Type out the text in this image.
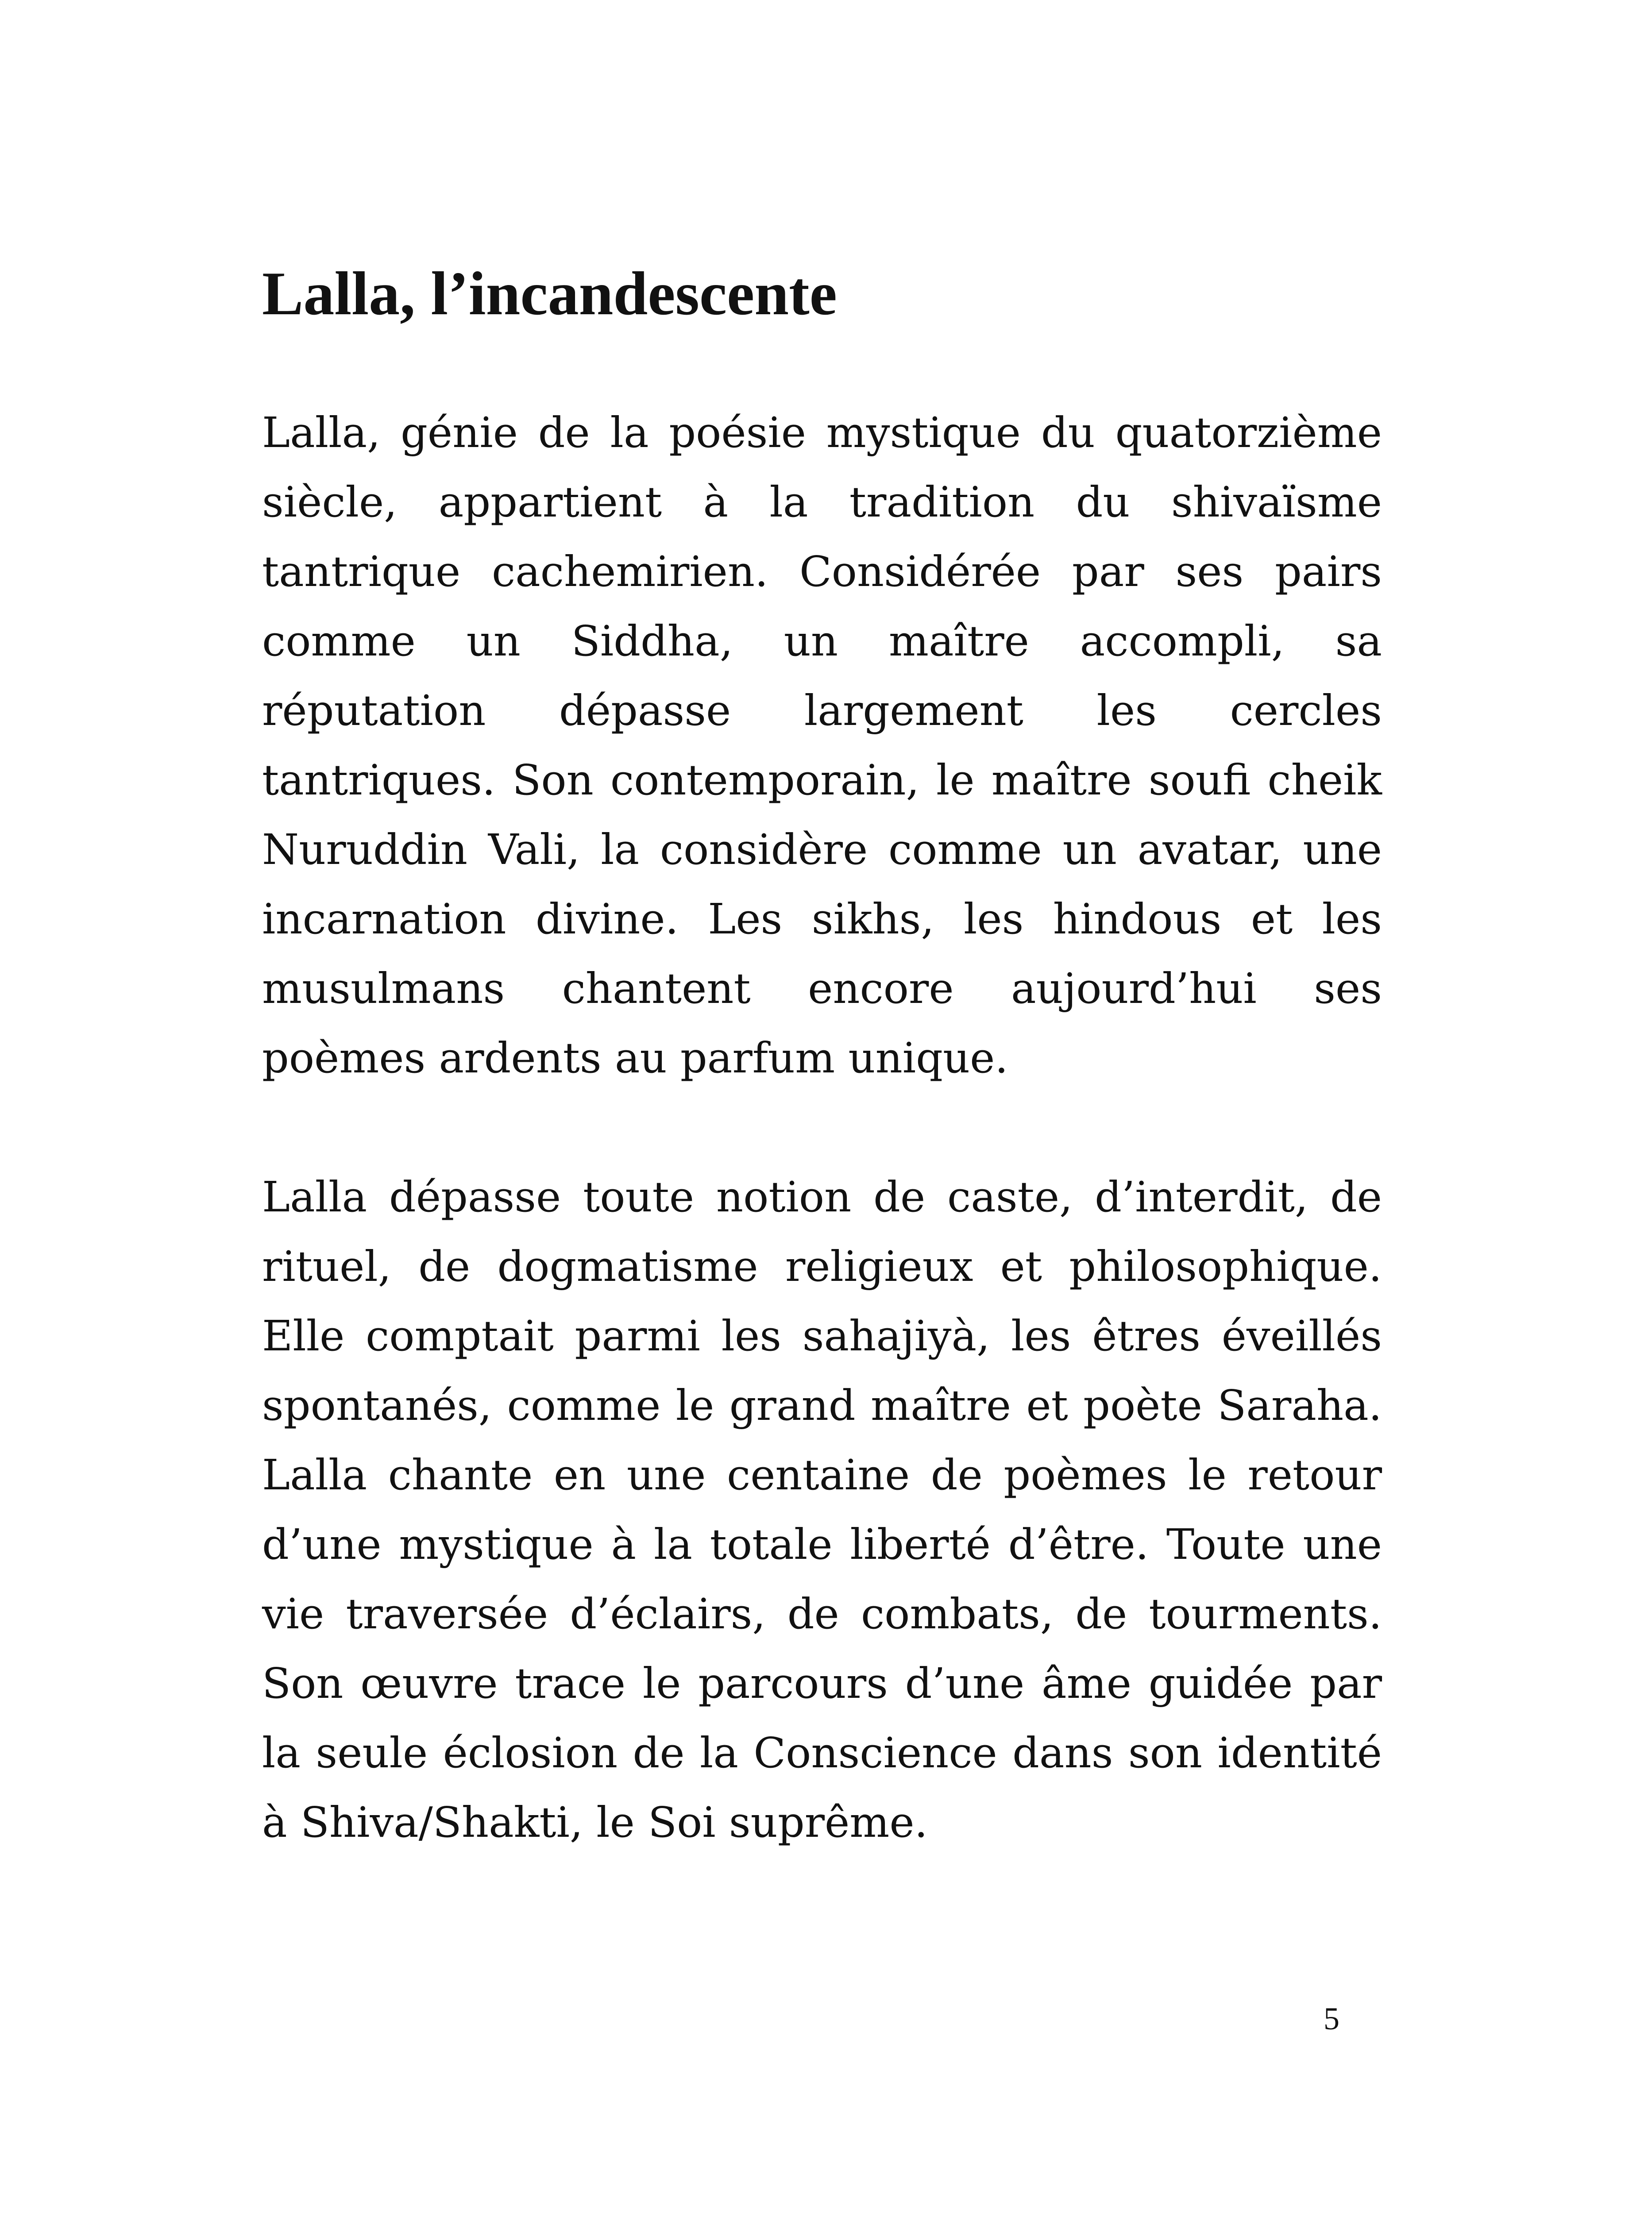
Lalla, l’incandescente

Lalla, génie de la poésie mystique du quatorzième siècle, appartient à la tradition du shivaïsme tantrique cachemirien. Considérée par ses pairs comme un Siddha, un maître accompli, sa réputation dépasse largement les cercles tantriques. Son contemporain, le maître soufi cheik Nuruddin Vali, la considère comme un avatar, une incarnation divine. Les sikhs, les hindous et les musulmans chantent encore aujourd’hui ses poèmes ardents au parfum unique.

Lalla dépasse toute notion de caste, d’interdit, de rituel, de dogmatisme religieux et philosophique. Elle comptait parmi les sahajiyà, les êtres éveillés spontanés, comme le grand maître et poète Saraha. Lalla chante en une centaine de poèmes le retour d’une mystique à la totale liberté d’être. Toute une vie traversée d’éclairs, de combats, de tourments. Son œuvre trace le parcours d’une âme guidée par la seule éclosion de la Conscience dans son identité à Shiva/Shakti, le Soi suprême.

5
